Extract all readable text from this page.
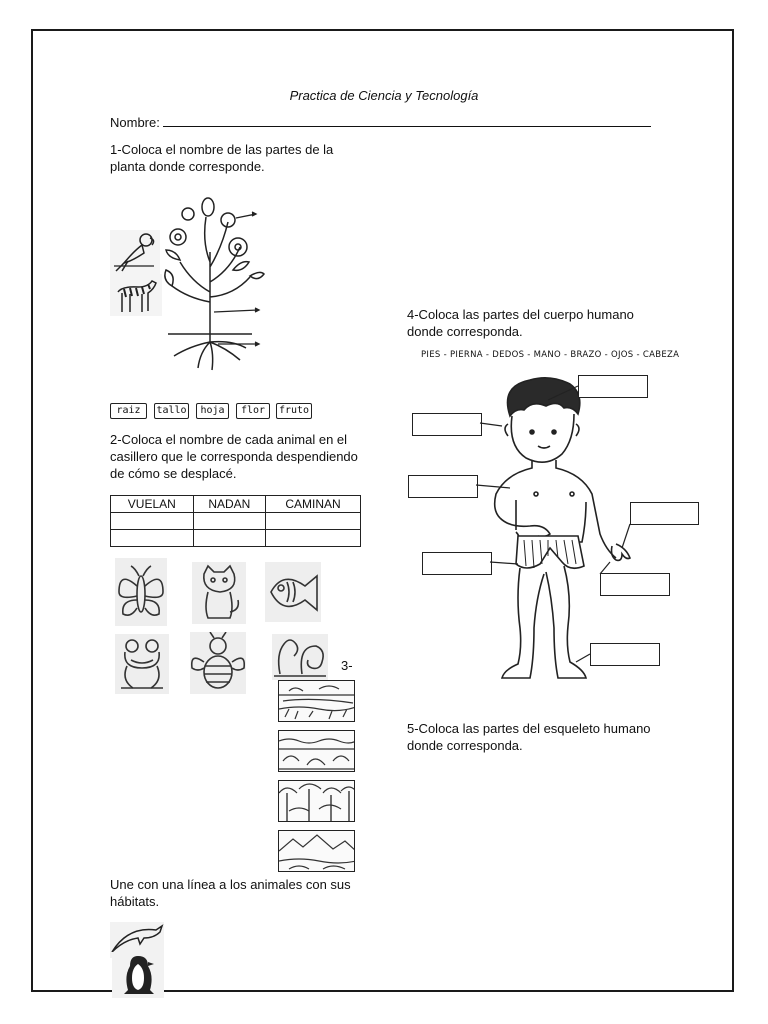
Practica de Ciencia y Tecnología
Nombre:
1-Coloca el nombre de las partes de la planta donde corresponde.
raiz	tallo	hoja	flor	fruto
2-Coloca el nombre de cada animal en el casillero que le corresponda despendiendo de cómo se desplacé.
VUELAN	NADAN	CAMINAN

3-
Une con una línea a los animales con sus hábitats.
4-Coloca las partes del cuerpo humano donde corresponda.
PIES - PIERNA - DEDOS - MANO - BRAZO - OJOS - CABEZA
5-Coloca las partes del esqueleto humano donde corresponda.
